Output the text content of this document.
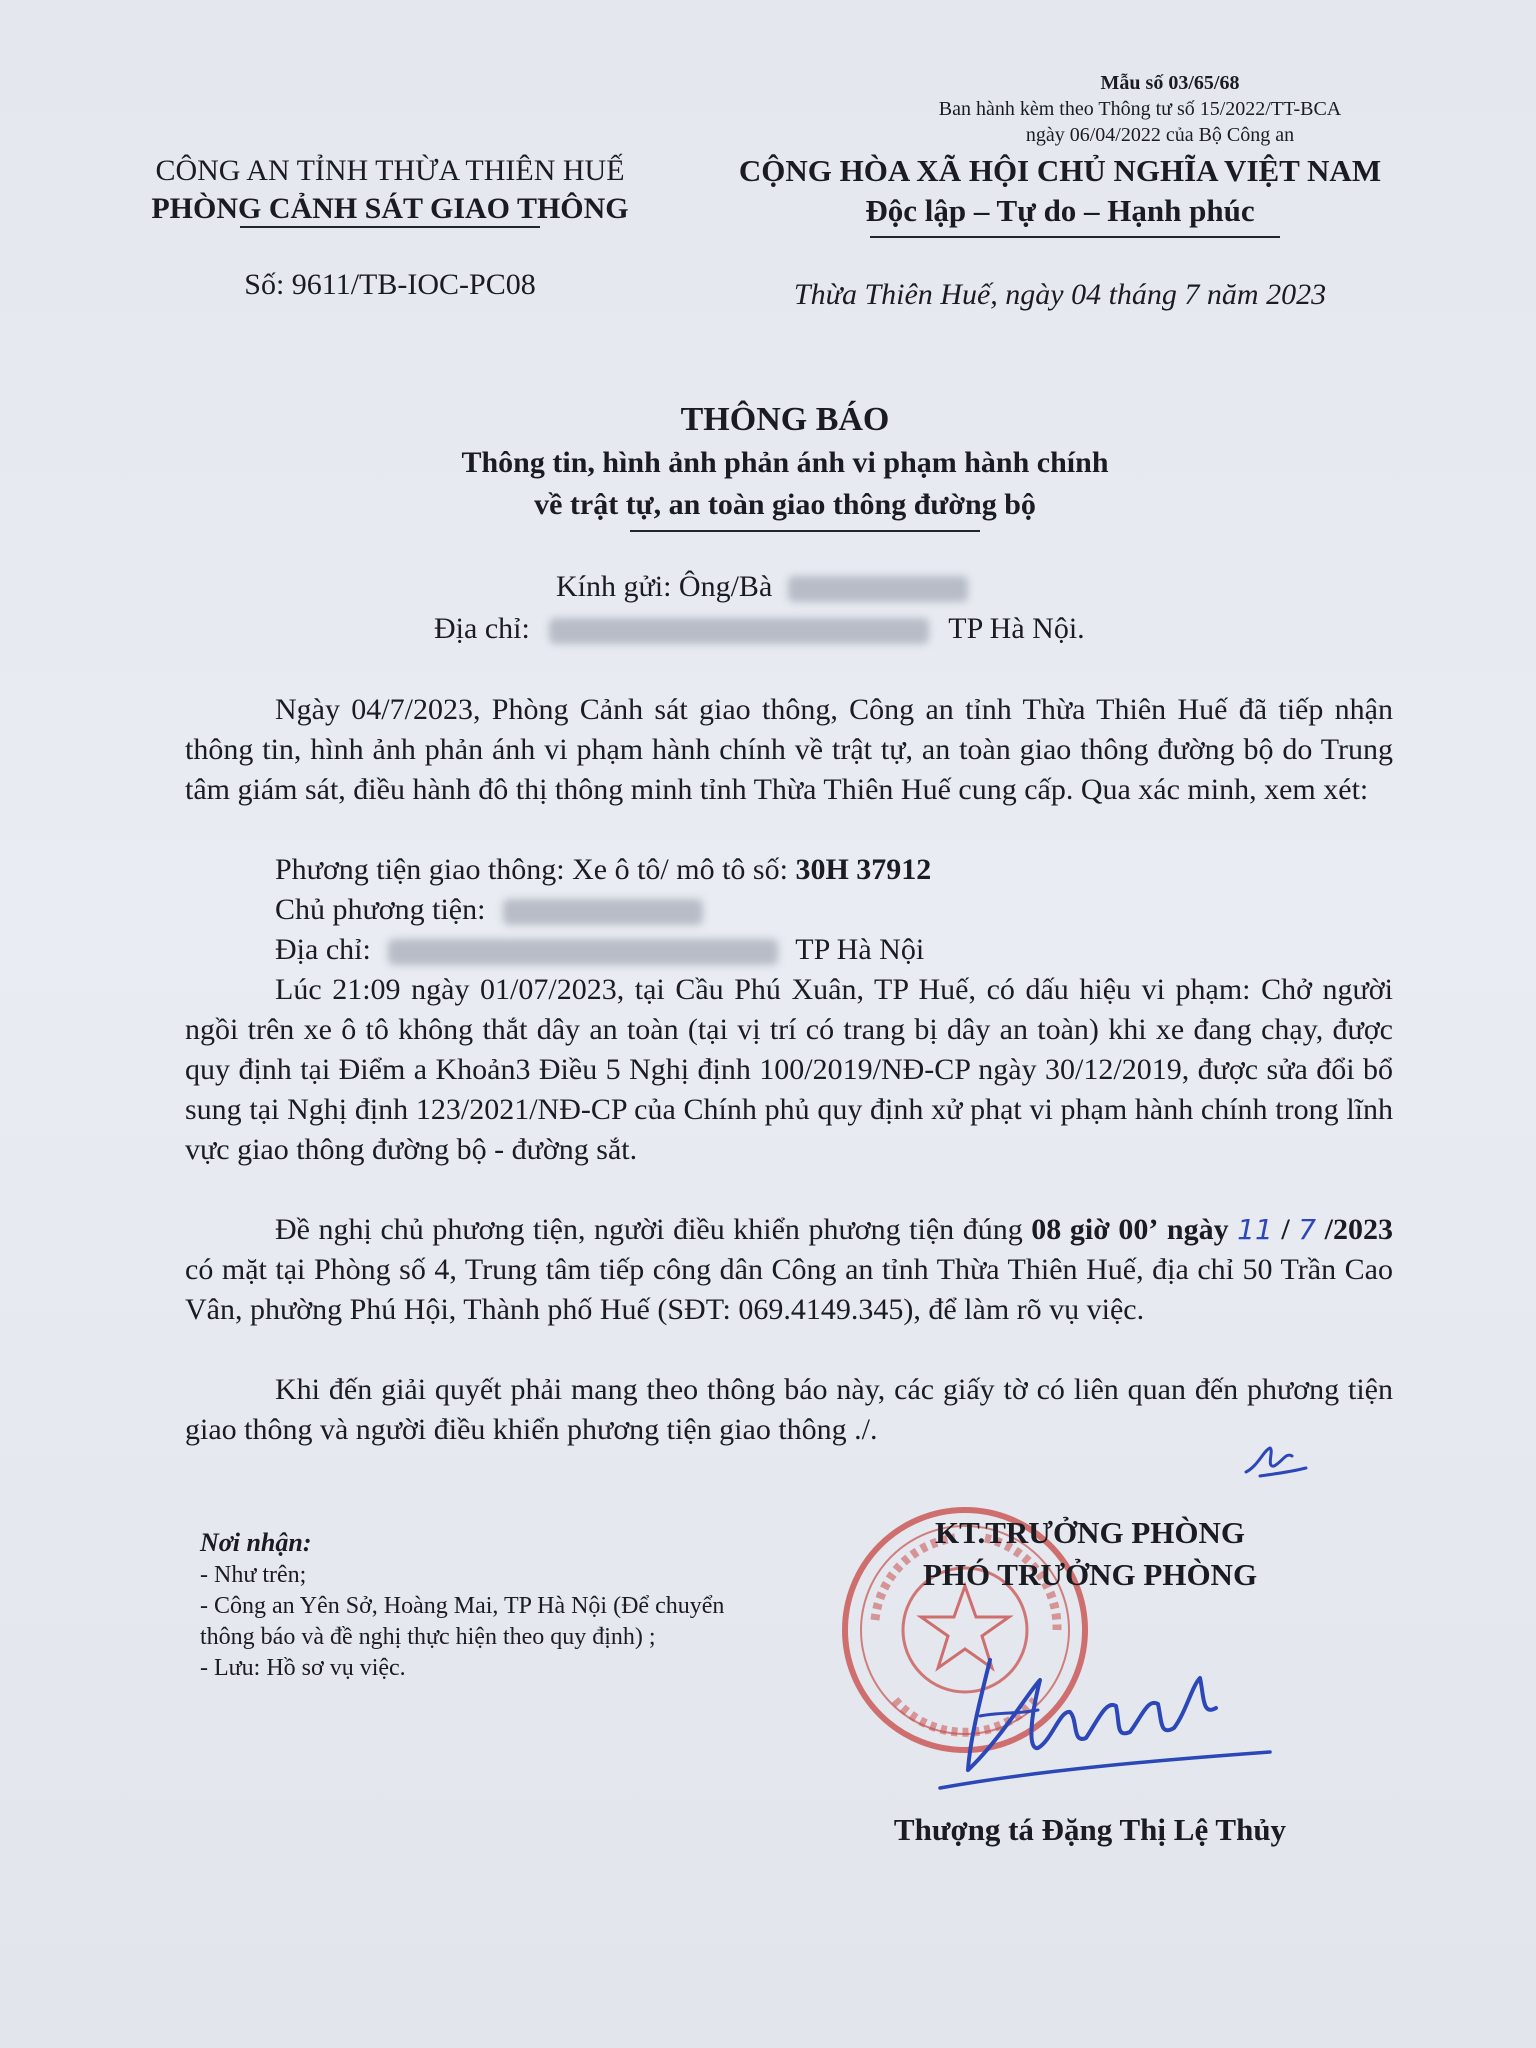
Mẫu số 03/65/68
Ban hành kèm theo Thông tư số 15/2022/TT-BCA
ngày 06/04/2022 của Bộ Công an
CÔNG AN TỈNH THỪA THIÊN HUẾ
PHÒNG CẢNH SÁT GIAO THÔNG
Số: 9611/TB-IOC-PC08
CỘNG HÒA XÃ HỘI CHỦ NGHĨA VIỆT NAM
Độc lập – Tự do – Hạnh phúc
Thừa Thiên Huế, ngày 04 tháng 7 năm 2023
THÔNG BÁO
Thông tin, hình ảnh phản ánh vi phạm hành chính
về trật tự, an toàn giao thông đường bộ
Kính gửi: Ông/Bà
Địa chỉ:	TP Hà Nội.

Ngày 04/7/2023, Phòng Cảnh sát giao thông, Công an tỉnh Thừa Thiên Huế đã tiếp nhận thông tin, hình ảnh phản ánh vi phạm hành chính về trật tự, an toàn giao thông đường bộ do Trung tâm giám sát, điều hành đô thị thông minh tỉnh Thừa Thiên Huế cung cấp. Qua xác minh, xem xét:

Phương tiện giao thông: Xe ô tô/ mô tô số: 30H 37912
Chủ phương tiện:
Địa chỉ:	TP Hà Nội

Lúc 21:09 ngày 01/07/2023, tại Cầu Phú Xuân, TP Huế, có dấu hiệu vi phạm: Chở người ngồi trên xe ô tô không thắt dây an toàn (tại vị trí có trang bị dây an toàn) khi xe đang chạy, được quy định tại Điểm a Khoản3 Điều 5 Nghị định 100/2019/NĐ-CP ngày 30/12/2019, được sửa đổi bổ sung tại Nghị định 123/2021/NĐ-CP của Chính phủ quy định xử phạt vi phạm hành chính trong lĩnh vực giao thông đường bộ - đường sắt.

Đề nghị chủ phương tiện, người điều khiển phương tiện đúng 08 giờ 00’ ngày 11 / 7 /2023 có mặt tại Phòng số 4, Trung tâm tiếp công dân Công an tỉnh Thừa Thiên Huế, địa chỉ 50 Trần Cao Vân, phường Phú Hội, Thành phố Huế (SĐT: 069.4149.345), để làm rõ vụ việc.

Khi đến giải quyết phải mang theo thông báo này, các giấy tờ có liên quan đến phương tiện giao thông và người điều khiển phương tiện giao thông ./.

Nơi nhận:
- Như trên;
- Công an Yên Sở, Hoàng Mai, TP Hà Nội (Để chuyển thông báo và đề nghị thực hiện theo quy định) ;
- Lưu: Hồ sơ vụ việc.
KT.TRƯỞNG PHÒNG
PHÓ TRƯỞNG PHÒNG
Thượng tá Đặng Thị Lệ Thủy
